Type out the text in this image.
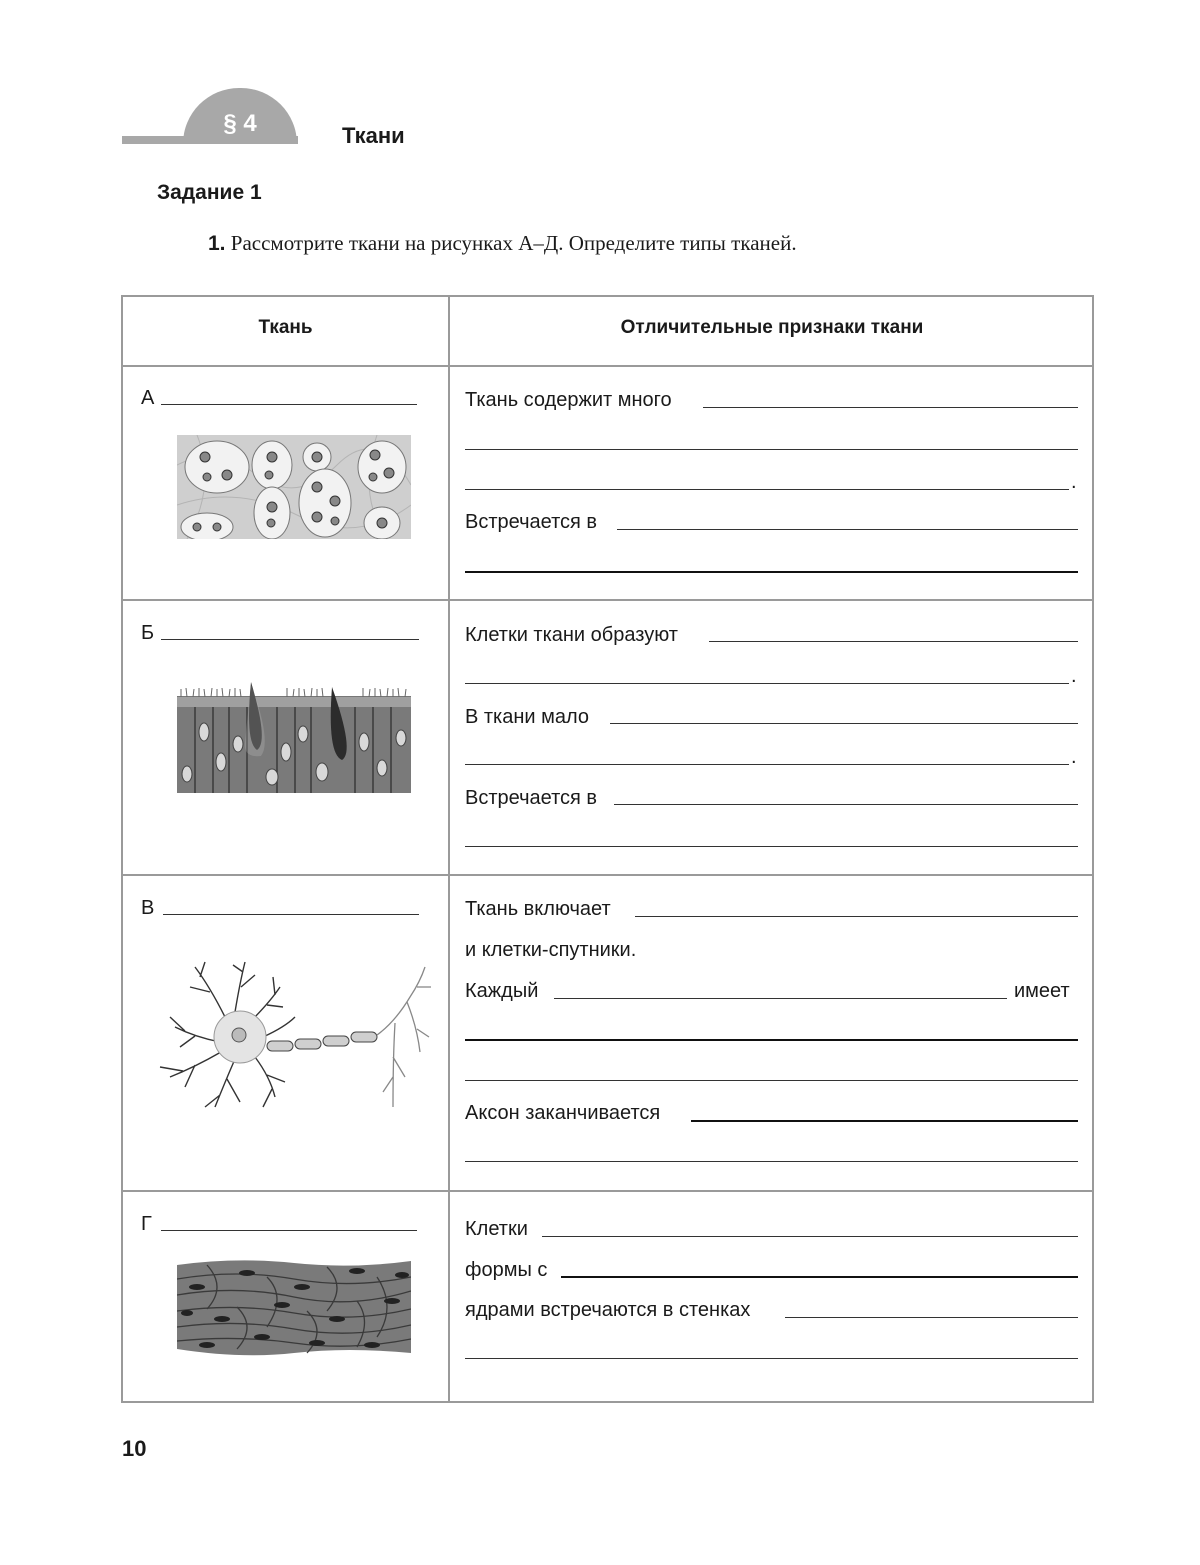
§ 4	Ткани
Задание 1
1. Рассмотрите ткани на рисунках А–Д. Определите типы тканей.
Ткань	Отличительные признаки ткани
А	Ткань содержит много
.
Встречается в
Б	Клетки ткани образуют
.
В ткани мало
.
Встречается в
В	Ткань включает
и клетки-спутники.
Каждый	имеет
Аксон заканчивается
Г	Клетки
формы с
ядрами встречаются в стенках
10
